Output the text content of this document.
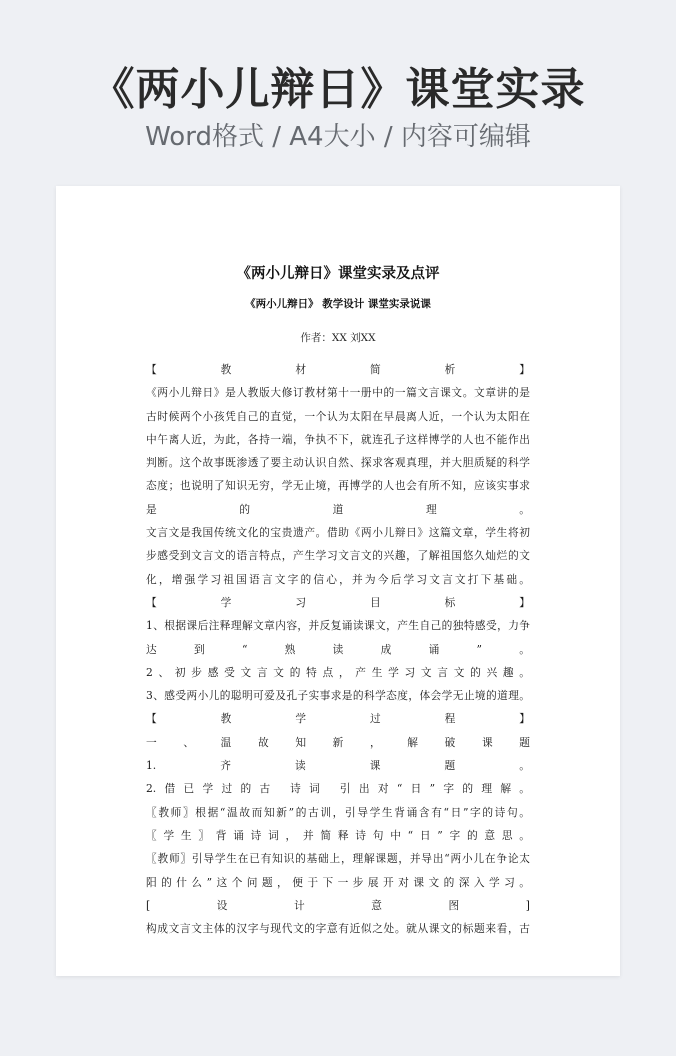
《两小儿辩日》课堂实录
Word格式 / A4大小 / 内容可编辑
《两小儿辩日》课堂实录及点评
《两小儿辩日》 教学设计 课堂实录说课
作者：XX 刘XX
【	教	材	简	析	】
《两小儿辩日》是人教版大修订教材第十一册中的一篇文言课文。文章讲的是
古时候两个小孩凭自己的直觉，一个认为太阳在早晨离人近，一个认为太阳在
中午离人近，为此，各持一端，争执不下，就连孔子这样博学的人也不能作出
判断。这个故事既渗透了要主动认识自然、探求客观真理，并大胆质疑的科学
态度；也说明了知识无穷，学无止境，再博学的人也会有所不知，应该实事求
是	的	道	理	。
文言文是我国传统文化的宝贵遗产。借助《两小儿辩日》这篇文章，学生将初
步感受到文言文的语言特点，产生学习文言文的兴趣，了解祖国悠久灿烂的文
化，增强学习祖国语言文字的信心，并为今后学习文言文打下基础。
【	学	习	目	标	】
1、根据课后注释理解文章内容，并反复诵读课文，产生自己的独特感受，力争
达	到	“	熟	读	成	诵	”	。
2、初步感受文言文的特点，产生学习文言文的兴趣。
3、感受两小儿的聪明可爱及孔子实事求是的科学态度，体会学无止境的道理。
【	教	学	过	程	】
一 、 温 故 知 新 ， 解 破 课 题
1.	齐	读	课	题	。
2.借已学过的古 诗词 引出对“日”字的理解。
〖教师〗根据“温故而知新”的古训，引导学生背诵含有“日”字的诗句。
〖学生〗背诵诗词，并简释诗句中“日”字的意思。
〖教师〗引导学生在已有知识的基础上，理解课题，并导出“两小儿在争论太
阳的什么”这个问题，便于下一步展开对课文的深入学习。
[	设	计	意	图	]
构成文言文主体的汉字与现代文的字意有近似之处。就从课文的标题来看，古
